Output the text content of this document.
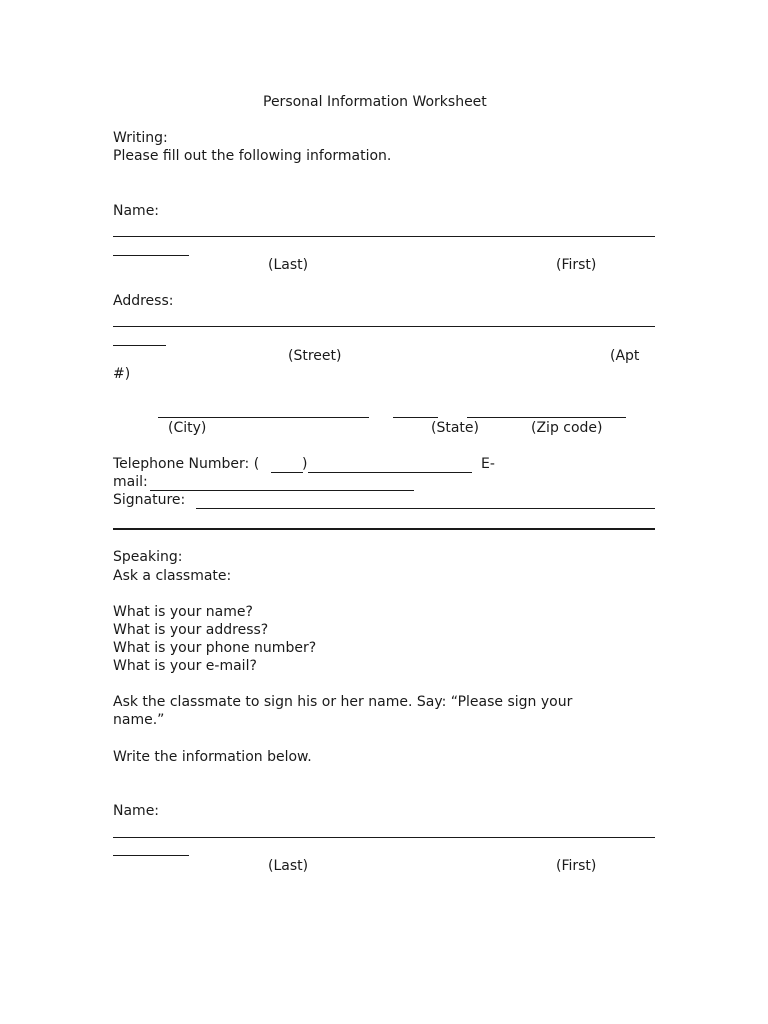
Personal Information Worksheet
Writing:
Please fill out the following information.
Name:
(Last)	(First)
Address:
(Street)	(Apt
#)
(City)	(State)	(Zip code)
Telephone Number: (	)	E-
mail:
Signature:
Speaking:
Ask a classmate:
What is your name?
What is your address?
What is your phone number?
What is your e-mail?
Ask the classmate to sign his or her name. Say: “Please sign your
name.”
Write the information below.
Name:
(Last)	(First)
